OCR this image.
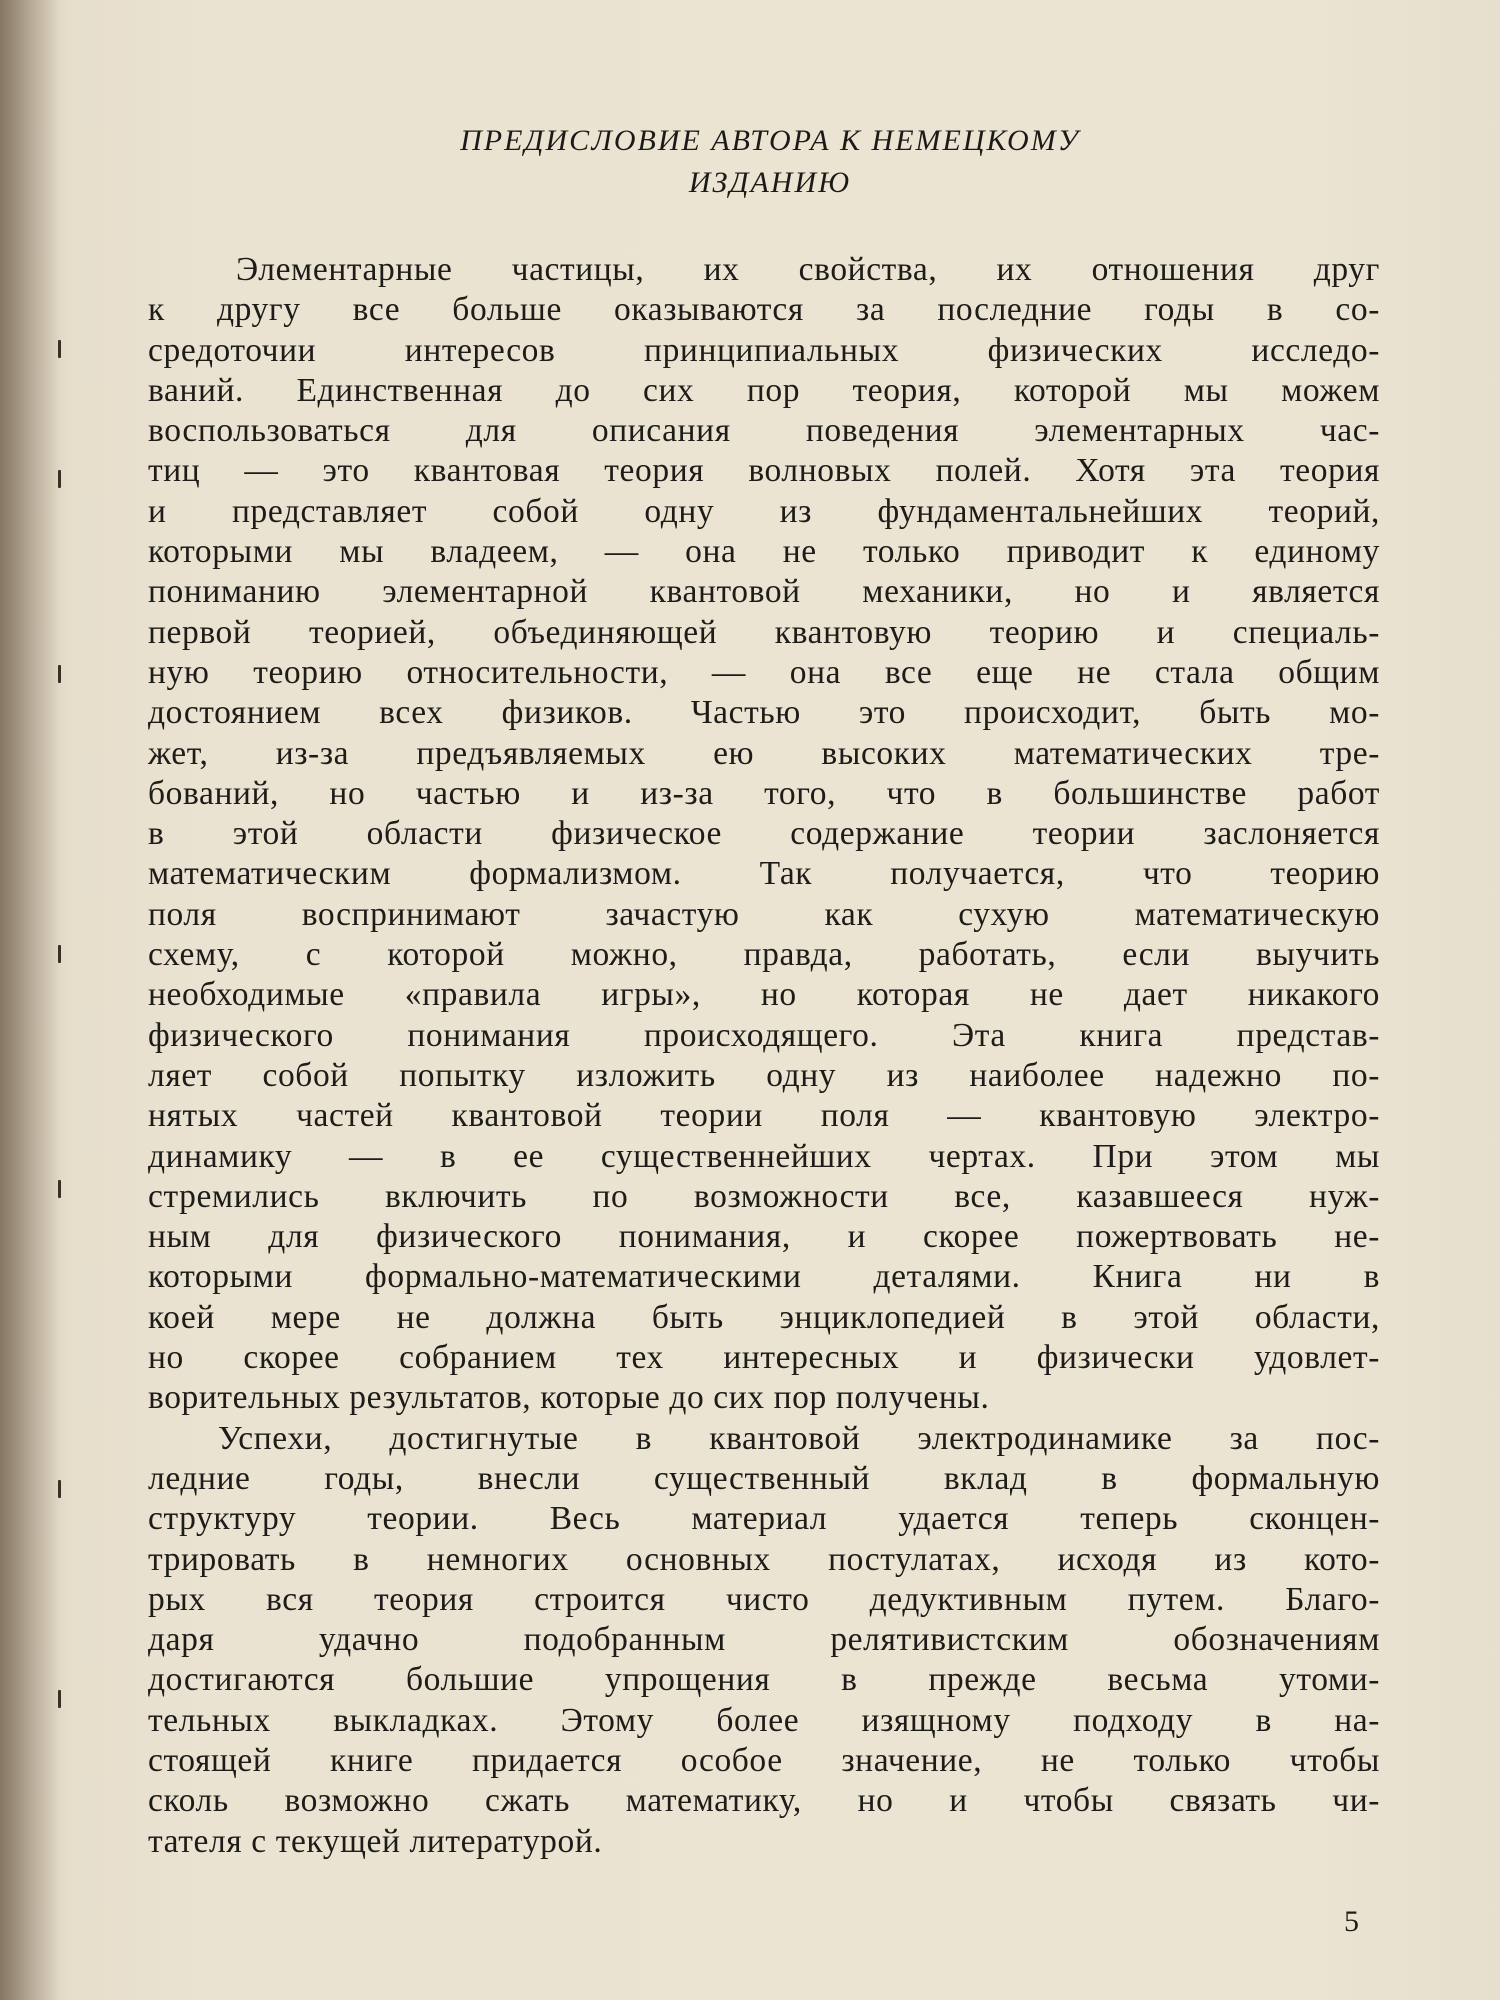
ПРЕДИСЛОВИЕ АВТОРА К НЕМЕЦКОМУ
ИЗДАНИЮ
Элементарные частицы, их свойства, их отношения друг
к другу все больше оказываются за последние годы в со-
средоточии интересов принципиальных физических исследо-
ваний. Единственная до сих пор теория, которой мы можем
воспользоваться для описания поведения элементарных час-
тиц — это квантовая теория волновых полей. Хотя эта теория
и представляет собой одну из фундаментальнейших теорий,
которыми мы владеем, — она не только приводит к единому
пониманию элементарной квантовой механики, но и является
первой теорией, объединяющей квантовую теорию и специаль-
ную теорию относительности, — она все еще не стала общим
достоянием всех физиков. Частью это происходит, быть мо-
жет, из-за предъявляемых ею высоких математических тре-
бований, но частью и из-за того, что в большинстве работ
в этой области физическое содержание теории заслоняется
математическим формализмом. Так получается, что теорию
поля воспринимают зачастую как сухую математическую
схему, с которой можно, правда, работать, если выучить
необходимые «правила игры», но которая не дает никакого
физического понимания происходящего. Эта книга представ-
ляет собой попытку изложить одну из наиболее надежно по-
нятых частей квантовой теории поля — квантовую электро-
динамику — в ее существеннейших чертах. При этом мы
стремились включить по возможности все, казавшееся нуж-
ным для физического понимания, и скорее пожертвовать не-
которыми формально-математическими деталями. Книга ни в
коей мере не должна быть энциклопедией в этой области,
но скорее собранием тех интересных и физически удовлет-
ворительных результатов, которые до сих пор получены.
Успехи, достигнутые в квантовой электродинамике за пос-
ледние годы, внесли существенный вклад в формальную
структуру теории. Весь материал удается теперь сконцен-
трировать в немногих основных постулатах, исходя из кото-
рых вся теория строится чисто дедуктивным путем. Благо-
даря удачно подобранным релятивистским обозначениям
достигаются большие упрощения в прежде весьма утоми-
тельных выкладках. Этому более изящному подходу в на-
стоящей книге придается особое значение, не только чтобы
сколь возможно сжать математику, но и чтобы связать чи-
тателя с текущей литературой.
5
